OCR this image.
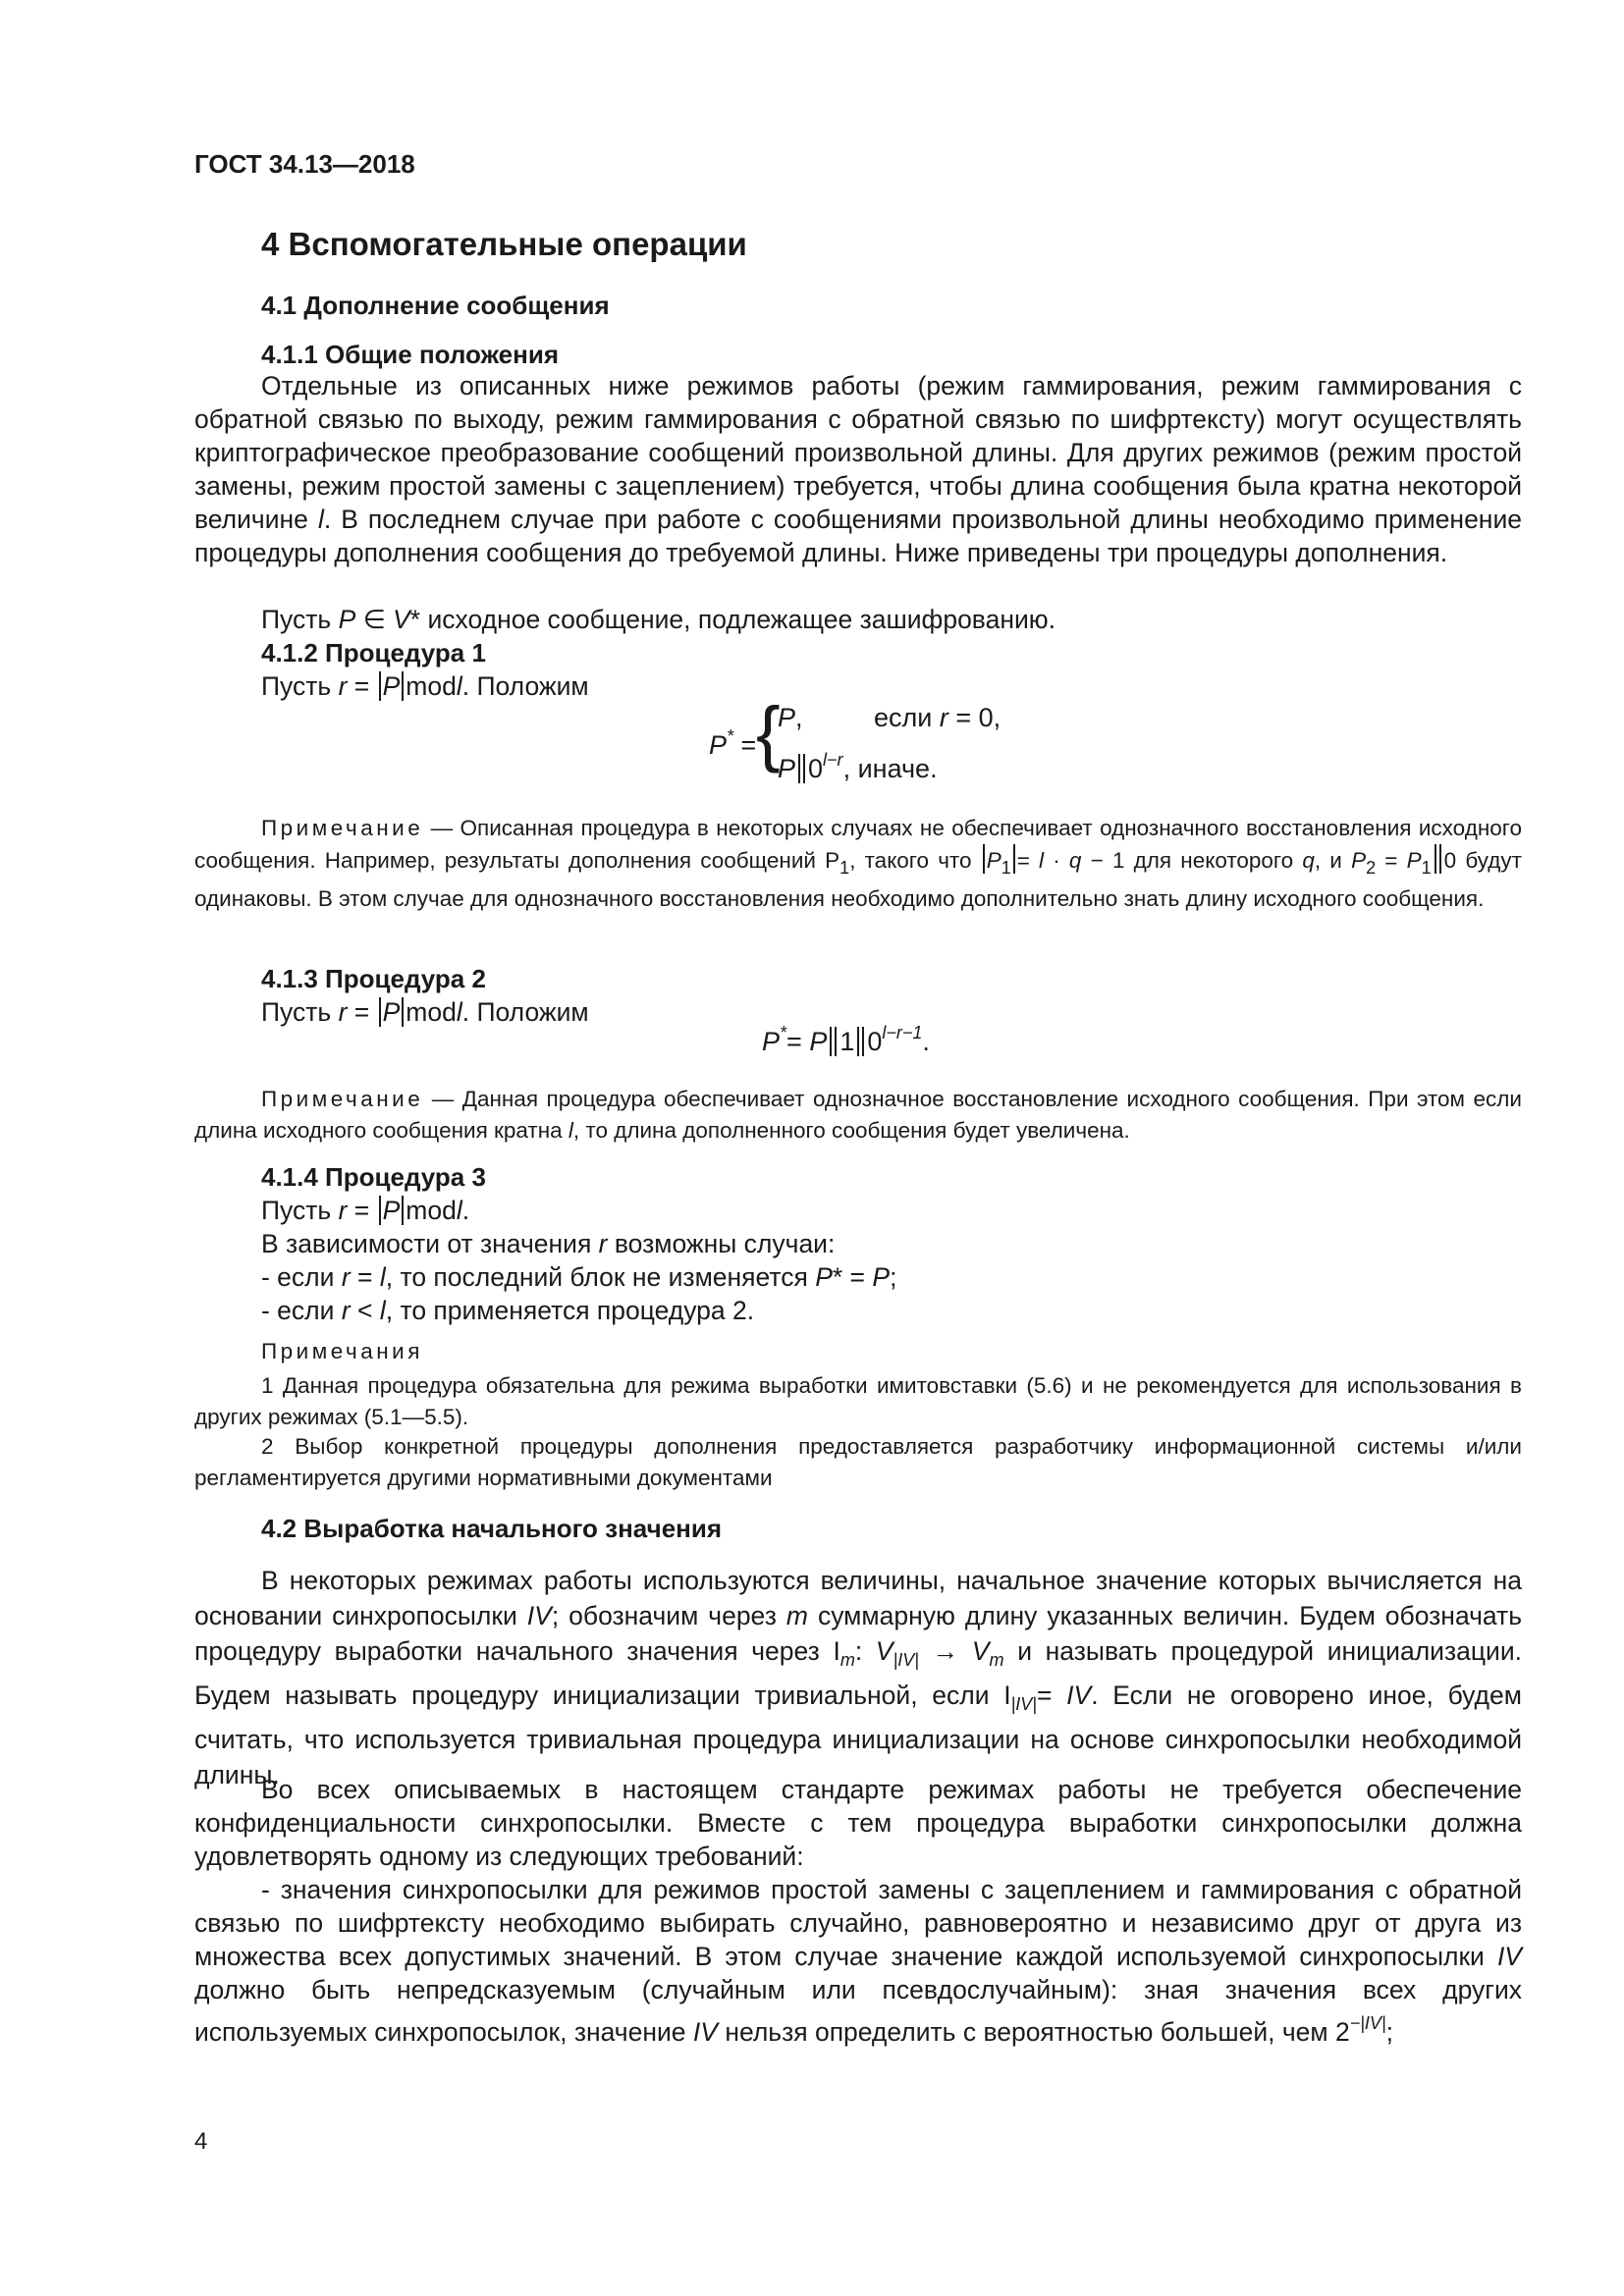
ГОСТ 34.13—2018
4 Вспомогательные операции
4.1 Дополнение сообщения
4.1.1 Общие положения
Отдельные из описанных ниже режимов работы (режим гаммирования, режим гаммирования с обратной связью по выходу, режим гаммирования с обратной связью по шифртексту) могут осуществлять криптографическое преобразование сообщений произвольной длины. Для других режимов (режим простой замены, режим простой замены с зацеплением) требуется, чтобы длина сообщения была кратна некоторой величине l. В последнем случае при работе с сообщениями произвольной длины необходимо применение процедуры дополнения сообщения до требуемой длины. Ниже приведены три процедуры дополнения.
Пусть P ∈ V* исходное сообщение, подлежащее зашифрованию.
4.1.2 Процедура 1
Пусть r = P modl. Положим
P* = {
P,	если r = 0,
P $0^{l-r}$, иначе.
Примечание — Описанная процедура в некоторых случаях не обеспечивает однозначного восстановления исходного сообщения. Например, результаты дополнения сообщений $P_1$, такого что $P_1 = l \cdot q - 1$ для некоторого q, и $P_2 = P_1$ 0 будут одинаковы. В этом случае для однозначного восстановления необходимо дополнительно знать длину исходного сообщения.
4.1.3 Процедура 2
Пусть r = P modl. Положим
P*= P 1 $0^{l-r-1}$.
Примечание — Данная процедура обеспечивает однозначное восстановление исходного сообщения. При этом если длина исходного сообщения кратна l, то длина дополненного сообщения будет увеличена.
4.1.4 Процедура 3
Пусть r = P modl.
В зависимости от значения r возможны случаи:
- если r = l, то последний блок не изменяется P* = P;
- если r < l, то применяется процедура 2.
Примечания
1 Данная процедура обязательна для режима выработки имитовставки (5.6) и не рекомендуется для использования в других режимах (5.1—5.5).
2 Выбор конкретной процедуры дополнения предоставляется разработчику информационной системы и/или регламентируется другими нормативными документами
4.2 Выработка начального значения
В некоторых режимах работы используются величины, начальное значение которых вычисляется на основании синхропосылки IV; обозначим через m суммарную длину указанных величин. Будем обозначать процедуру выработки начального значения через $I_m$: $V_{|IV|} \to V_m$ и называть процедурой инициализации. Будем называть процедуру инициализации тривиальной, если $I_{|IV|}=$ IV. Если не оговорено иное, будем считать, что используется тривиальная процедура инициализации на основе синхропосылки необходимой длины.
Во всех описываемых в настоящем стандарте режимах работы не требуется обеспечение конфиденциальности синхропосылки. Вместе с тем процедура выработки синхропосылки должна удовлетворять одному из следующих требований:
- значения синхропосылки для режимов простой замены с зацеплением и гаммирования с обратной связью по шифртексту необходимо выбирать случайно, равновероятно и независимо друг от друга из множества всех допустимых значений. В этом случае значение каждой используемой синхропосылки IV должно быть непредсказуемым (случайным или псевдослучайным): зная значения всех других используемых синхропосылок, значение IV нельзя определить с вероятностью большей, чем $2^{-|IV|}$;
4
